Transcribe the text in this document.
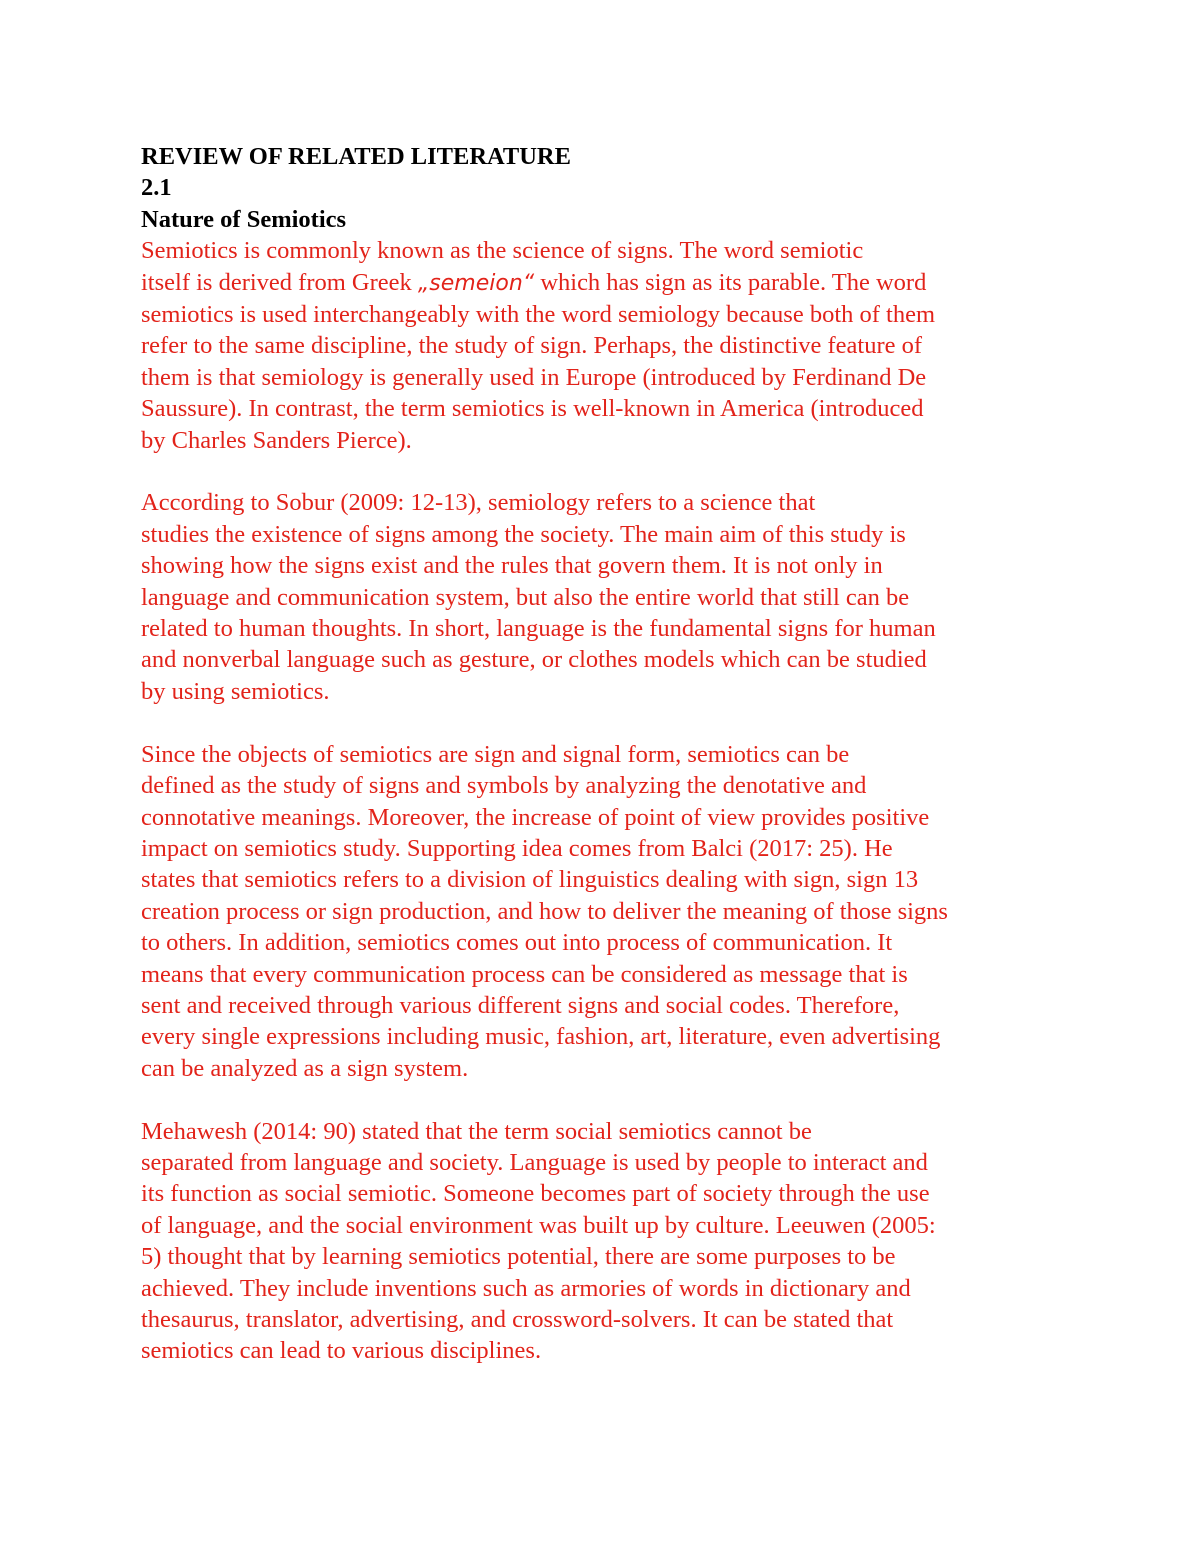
REVIEW OF RELATED LITERATURE
2.1
Nature of Semiotics
Semiotics is commonly known as the science of signs. The word semiotic
itself is derived from Greek „semeion“ which has sign as its parable. The word
semiotics is used interchangeably with the word semiology because both of them
refer to the same discipline, the study of sign. Perhaps, the distinctive feature of
them is that semiology is generally used in Europe (introduced by Ferdinand De
Saussure). In contrast, the term semiotics is well-known in America (introduced
by Charles Sanders Pierce).
According to Sobur (2009: 12-13), semiology refers to a science that
studies the existence of signs among the society. The main aim of this study is
showing how the signs exist and the rules that govern them. It is not only in
language and communication system, but also the entire world that still can be
related to human thoughts. In short, language is the fundamental signs for human
and nonverbal language such as gesture, or clothes models which can be studied
by using semiotics.
Since the objects of semiotics are sign and signal form, semiotics can be
defined as the study of signs and symbols by analyzing the denotative and
connotative meanings. Moreover, the increase of point of view provides positive
impact on semiotics study. Supporting idea comes from Balci (2017: 25). He
states that semiotics refers to a division of linguistics dealing with sign, sign 13
creation process or sign production, and how to deliver the meaning of those signs
to others. In addition, semiotics comes out into process of communication. It
means that every communication process can be considered as message that is
sent and received through various different signs and social codes. Therefore,
every single expressions including music, fashion, art, literature, even advertising
can be analyzed as a sign system.
Mehawesh (2014: 90) stated that the term social semiotics cannot be
separated from language and society. Language is used by people to interact and
its function as social semiotic. Someone becomes part of society through the use
of language, and the social environment was built up by culture. Leeuwen (2005:
5) thought that by learning semiotics potential, there are some purposes to be
achieved. They include inventions such as armories of words in dictionary and
thesaurus, translator, advertising, and crossword-solvers. It can be stated that
semiotics can lead to various disciplines.
